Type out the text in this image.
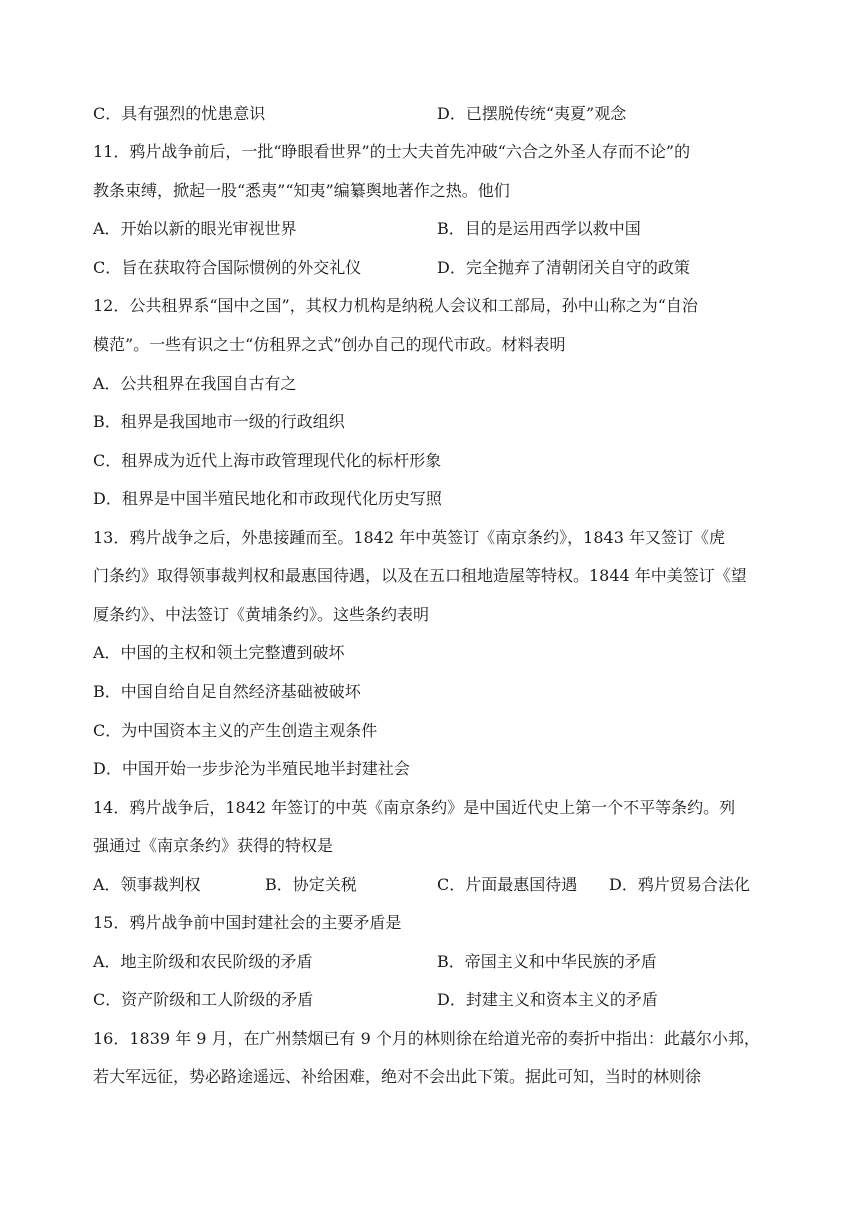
C．具有强烈的忧患意识	D．已摆脱传统“夷夏”观念
11．鸦片战争前后，一批“睁眼看世界”的士大夫首先冲破“六合之外圣人存而不论”的
教条束缚，掀起一股“悉夷”“知夷”编纂舆地著作之热。他们
A．开始以新的眼光审视世界	B．目的是运用西学以救中国
C．旨在获取符合国际惯例的外交礼仪	D．完全抛弃了清朝闭关自守的政策
12．公共租界系“国中之国”，其权力机构是纳税人会议和工部局，孙中山称之为“自治
模范”。一些有识之士“仿租界之式”创办自己的现代市政。材料表明
A．公共租界在我国自古有之
B．租界是我国地市一级的行政组织
C．租界成为近代上海市政管理现代化的标杆形象
D．租界是中国半殖民地化和市政现代化历史写照
13．鸦片战争之后，外患接踵而至。1842 年中英签订《南京条约》，1843 年又签订《虎
门条约》取得领事裁判权和最惠国待遇，以及在五口租地造屋等特权。1844 年中美签订《望
厦条约》、中法签订《黄埔条约》。这些条约表明
A．中国的主权和领土完整遭到破坏
B．中国自给自足自然经济基础被破坏
C．为中国资本主义的产生创造主观条件
D．中国开始一步步沦为半殖民地半封建社会
14．鸦片战争后，1842 年签订的中英《南京条约》是中国近代史上第一个不平等条约。列
强通过《南京条约》获得的特权是
A．领事裁判权	B．协定关税	C．片面最惠国待遇 D．鸦片贸易合法化
15．鸦片战争前中国封建社会的主要矛盾是
A．地主阶级和农民阶级的矛盾	B．帝国主义和中华民族的矛盾
C．资产阶级和工人阶级的矛盾	D．封建主义和资本主义的矛盾
16．1839 年 9 月，在广州禁烟已有 9 个月的林则徐在给道光帝的奏折中指出：此蕞尔小邦，
若大军远征，势必路途遥远、补给困难，绝对不会出此下策。据此可知，当时的林则徐
